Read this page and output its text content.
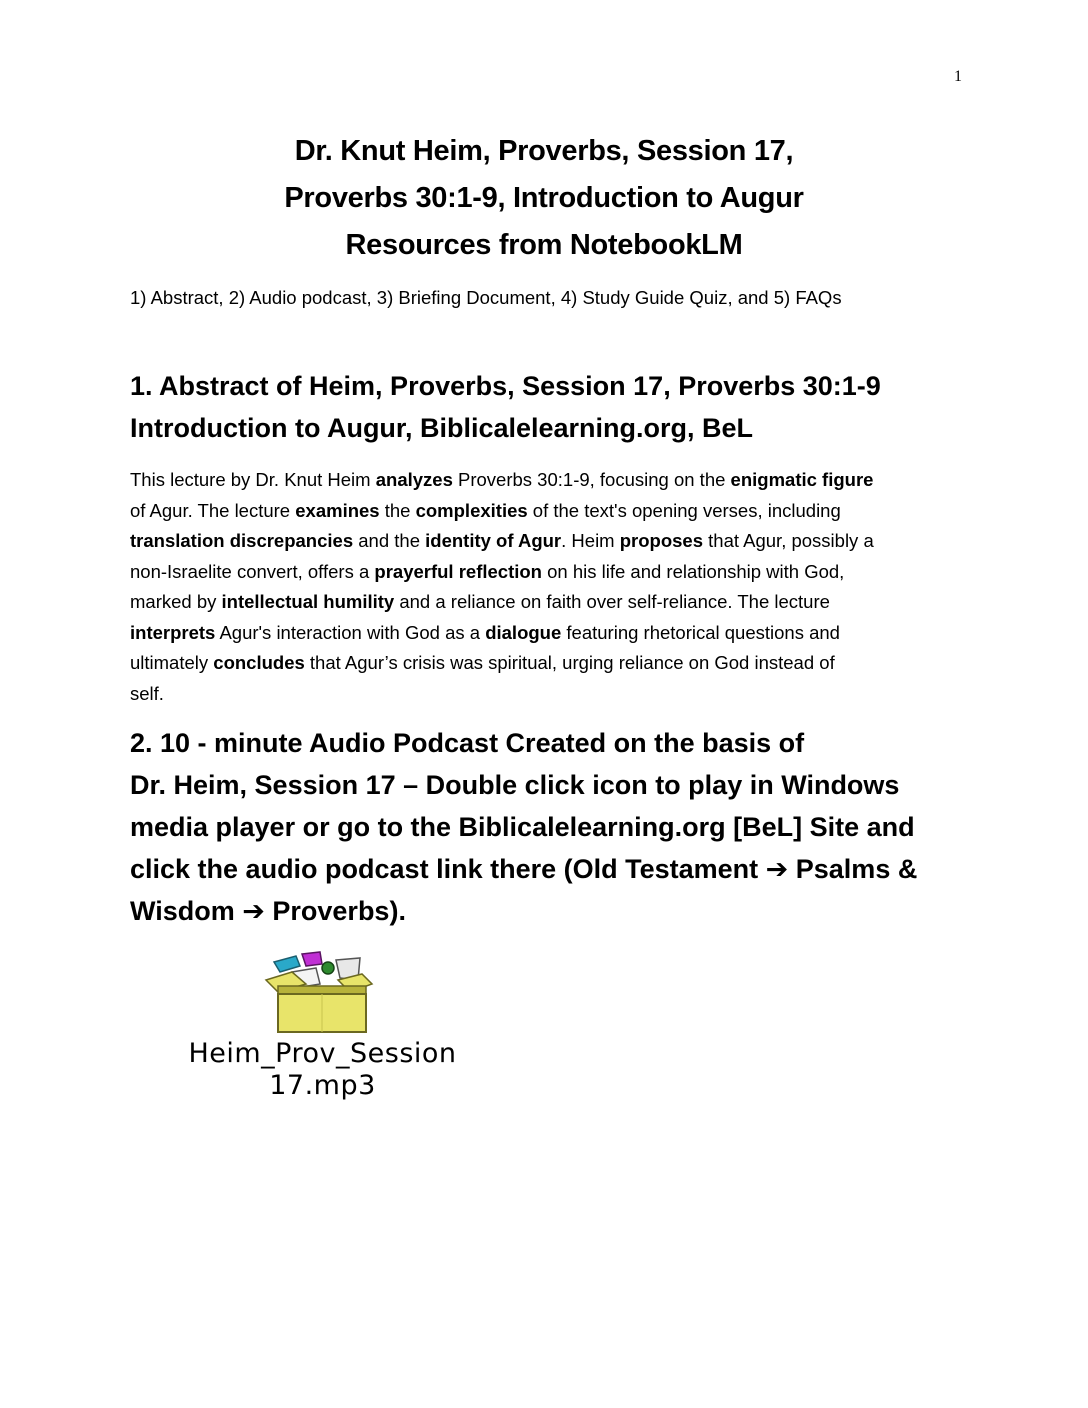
1
Dr. Knut Heim, Proverbs, Session 17,
Proverbs 30:1-9, Introduction to Augur
Resources from NotebookLM
1) Abstract, 2) Audio podcast, 3) Briefing Document, 4) Study Guide Quiz, and 5) FAQs
1. Abstract of Heim, Proverbs, Session 17, Proverbs 30:1-9
Introduction to Augur, Biblicalelearning.org, BeL
This lecture by Dr. Knut Heim analyzes Proverbs 30:1-9, focusing on the enigmatic figure
of Agur. The lecture examines the complexities of the text's opening verses, including
translation discrepancies and the identity of Agur. Heim proposes that Agur, possibly a
non-Israelite convert, offers a prayerful reflection on his life and relationship with God,
marked by intellectual humility and a reliance on faith over self-reliance. The lecture
interprets Agur's interaction with God as a dialogue featuring rhetorical questions and
ultimately concludes that Agur’s crisis was spiritual, urging reliance on God instead of
self.
2. 10 - minute Audio Podcast Created on the basis of
Dr. Heim, Session 17 – Double click icon to play in Windows
media player or go to the Biblicalelearning.org [BeL] Site and
click the audio podcast link there (Old Testament ➔ Psalms &
Wisdom ➔ Proverbs).
Heim_Prov_Session
17.mp3
